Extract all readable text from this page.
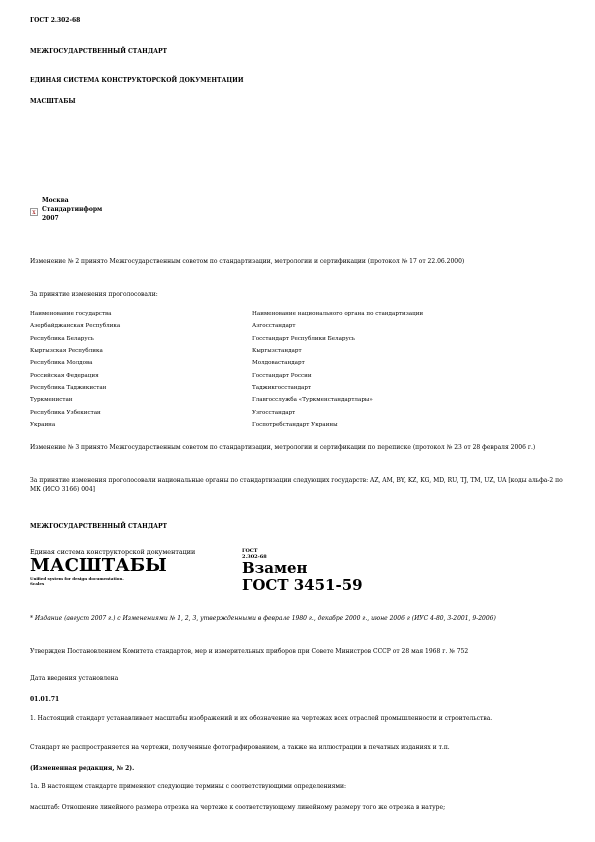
ГОСТ 2.302-68
МЕЖГОСУДАРСТВЕННЫЙ СТАНДАРТ
ЕДИНАЯ СИСТЕМА КОНСТРУКТОРСКОЙ ДОКУМЕНТАЦИИ
МАСШТАБЫ
x
Москва
Стандартинформ
2007
Изменение № 2 принято Межгосударственным советом по стандартизации, метрологии и сертификации (протокол № 17 от 22.06.2000)
За принятие изменения проголосовали:
Наименование государства	Наименование национального органа по стандартизации
Азербайджанская Республика	Азгосстандарт
Республика Беларусь	Госстандарт Республики Беларусь
Кыргызская Республика	Кыргызстандарт
Республика Молдова	Молдовастандарт
Российская Федерация	Госстандарт России
Республика Таджикистан	Таджикгосстандарт
Туркменистан	Главгосслужба «Туркменстандартлары»
Республика Узбекистан	Узгосстандарт
Украина	Госпотребстандарт Украины
Изменение № 3 принято Межгосударственным советом по стандартизации, метрологии и сертификации по переписке (протокол № 23 от 28 февраля 2006 г.)
За принятие изменения проголосовали национальные органы по стандартизации следующих государств: AZ, AM, BY, KZ, KG, MD, RU, TJ, TM, UZ, UA [коды альфа-2 по МК (ИСО 3166) 004]
МЕЖГОСУДАРСТВЕННЫЙ СТАНДАРТ
Единая система конструкторской документации
МАСШТАБЫ
Unified system for design documentation.
Scales
ГОСТ
2.302-68
Взамен
ГОСТ 3451-59
* Издание (август 2007 г.) с Изменениями № 1, 2, 3, утвержденными в феврале 1980 г., декабре 2000 г., июне 2006 г (ИУС 4-80, 3-2001, 9-2006)
Утвержден Постановлением Комитета стандартов, мер и измерительных приборов при Совете Министров СССР от 28 мая 1968 г. № 752
Дата введения установлена
01.01.71
1. Настоящий стандарт устанавливает масштабы изображений и их обозначение на чертежах всех отраслей промышленности и строительства.
Стандарт не распространяется на чертежи, полученные фотографированием, а также на иллюстрации в печатных изданиях и т.п.
(Измененная редакция, № 2).
1а. В настоящем стандарте применяют следующие термины с соответствующими определениями:
масштаб: Отношение линейного размера отрезка на чертеже к соответствующему линейному размеру того же отрезка в натуре;
